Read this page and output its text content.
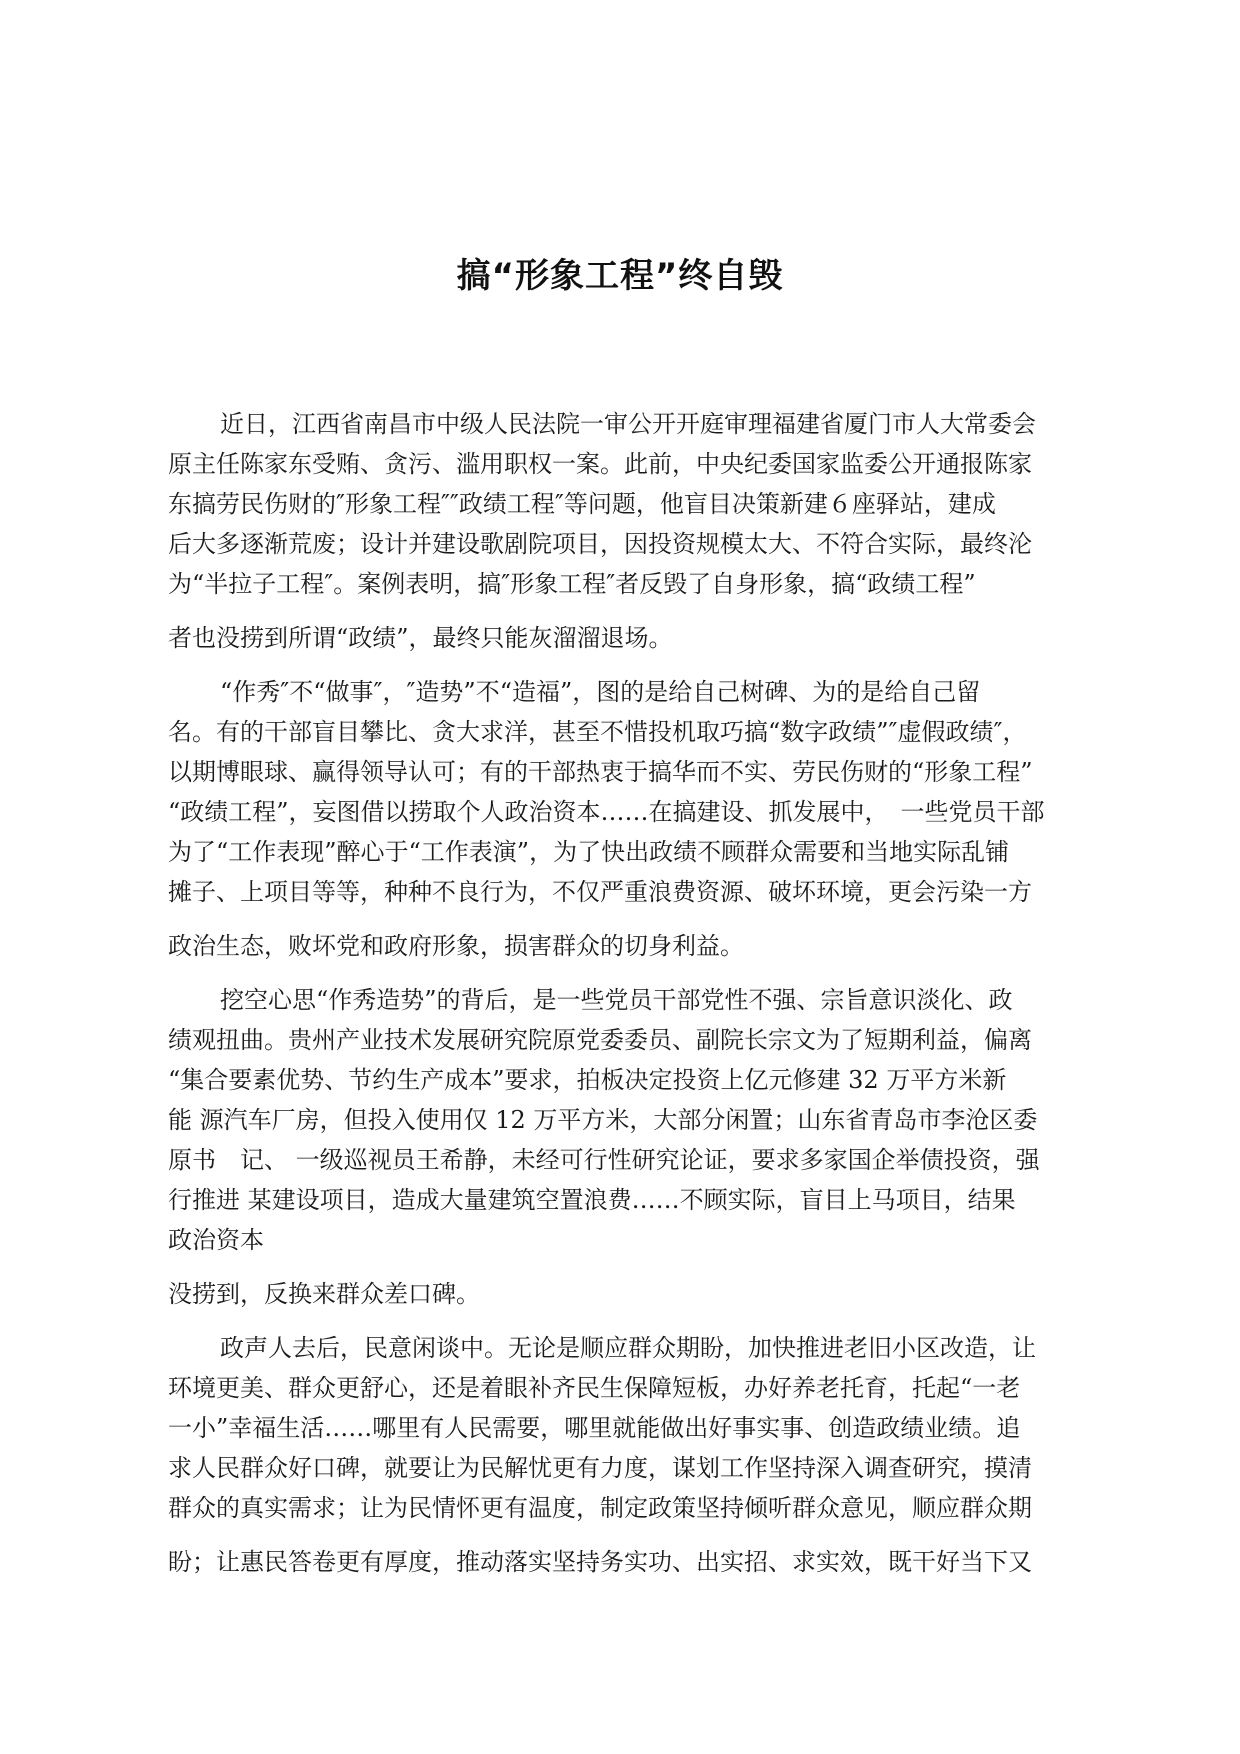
搞“形象工程”终自毁
近日，江西省南昌市中级人民法院一审公开开庭审理福建省厦门市人大常委会
原主任陈家东受贿、贪污、滥用职权一案。此前，中央纪委国家监委公开通报陈家
东搞劳民伤财的″形象工程″″政绩工程″等问题，他盲目决策新建６座驿站，建成
后大多逐渐荒废；设计并建设歌剧院项目，因投资规模太大、不符合实际，最终沦
为“半拉子工程″。案例表明，搞″形象工程″者反毁了自身形象，搞“政绩工程”
者也没捞到所谓“政绩”，最终只能灰溜溜退场。
“作秀″不“做事″，″造势”不“造福”，图的是给自己树碑、为的是给自己留
名。有的干部盲目攀比、贪大求洋，甚至不惜投机取巧搞“数字政绩”″虚假政绩″，
以期博眼球、赢得领导认可；有的干部热衷于搞华而不实、劳民伤财的“形象工程”
“政绩工程”，妄图借以捞取个人政治资本……在搞建设、抓发展中，　一些党员干部
为了“工作表现”醉心于“工作表演”，为了快出政绩不顾群众需要和当地实际乱铺
摊子、上项目等等，种种不良行为，不仅严重浪费资源、破坏环境，更会污染一方
政治生态，败坏党和政府形象，损害群众的切身利益。
挖空心思“作秀造势”的背后，是一些党员干部党性不强、宗旨意识淡化、政
绩观扭曲。贵州产业技术发展研究院原党委委员、副院长宗文为了短期利益，偏离
“集合要素优势、节约生产成本”要求，拍板决定投资上亿元修建 32 万平方米新
能 源汽车厂房，但投入使用仅 12 万平方米，大部分闲置；山东省青岛市李沧区委
原书　记、 一级巡视员王希静，未经可行性研究论证，要求多家国企举债投资，强
行推进 某建设项目，造成大量建筑空置浪费……不顾实际，盲目上马项目，结果
政治资本
没捞到，反换来群众差口碑。
政声人去后，民意闲谈中。无论是顺应群众期盼，加快推进老旧小区改造，让
环境更美、群众更舒心，还是着眼补齐民生保障短板，办好养老托育，托起“一老
一小”幸福生活……哪里有人民需要，哪里就能做出好事实事、创造政绩业绩。追
求人民群众好口碑，就要让为民解忧更有力度，谋划工作坚持深入调查研究，摸清
群众的真实需求；让为民情怀更有温度，制定政策坚持倾听群众意见，顺应群众期
盼；让惠民答卷更有厚度，推动落实坚持务实功、出实招、求实效，既干好当下又
